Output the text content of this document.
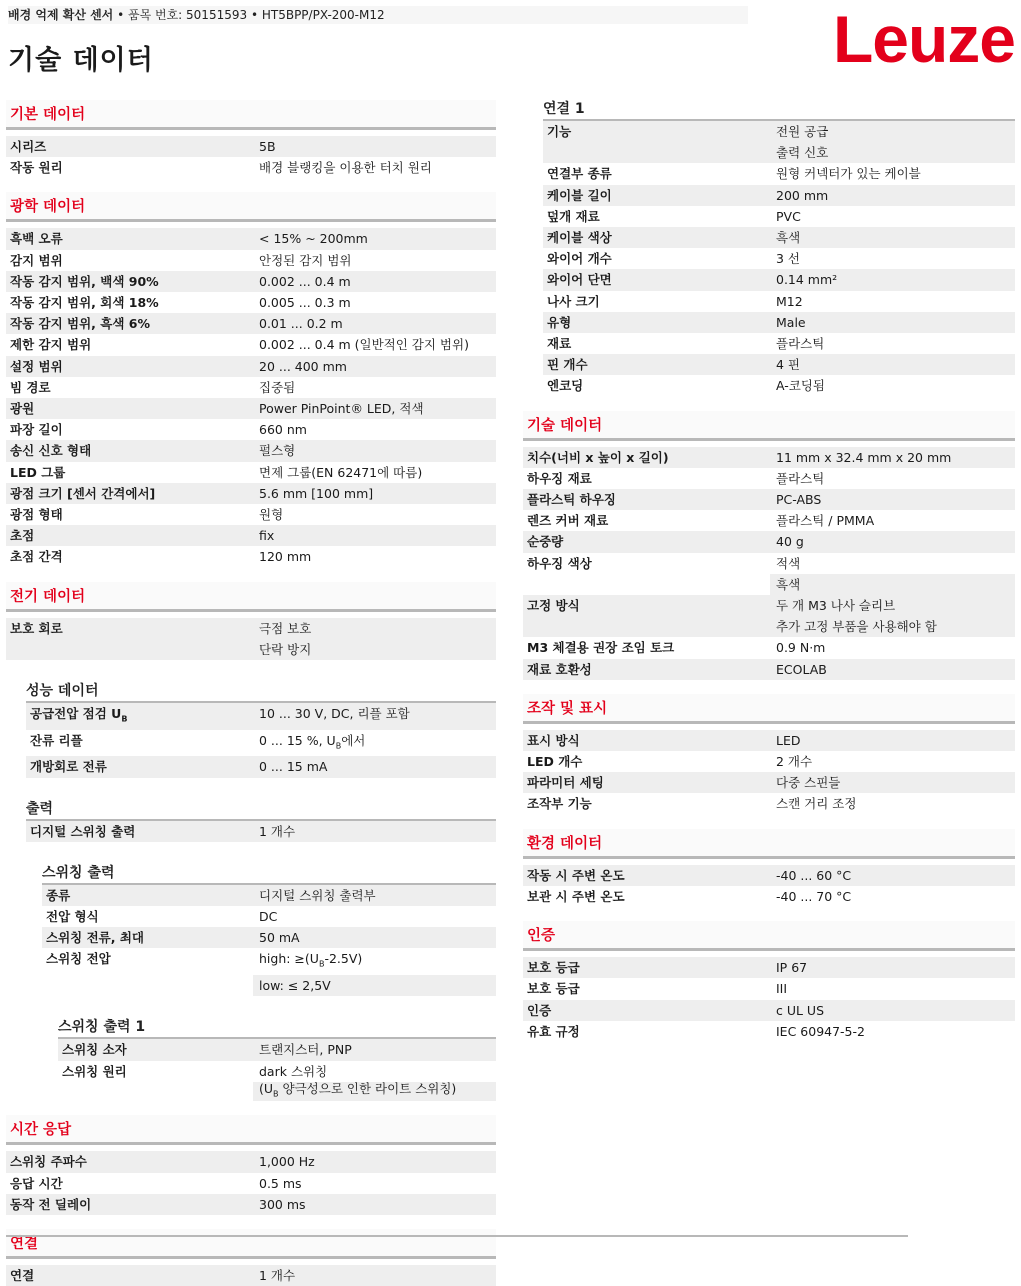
배경 억제 확산 센서 • 품목 번호: 50151593 • HT5BPP/PX-200-M12
기술 데이터	Leuze
기본 데이터
시리즈	5B
작동 원리	배경 블랭킹을 이용한 터치 원리
광학 데이터
흑백 오류	< 15% ~ 200mm
감지 범위	안정된 감지 범위
작동 감지 범위, 백색 90%	0.002 ... 0.4 m
작동 감지 범위, 회색 18%	0.005 ... 0.3 m
작동 감지 범위, 흑색 6%	0.01 ... 0.2 m
제한 감지 범위	0.002 ... 0.4 m (일반적인 감지 범위)
설정 범위	20 ... 400 mm
빔 경로	집중됨
광원	Power PinPoint® LED, 적색
파장 길이	660 nm
송신 신호 형태	펄스형
LED 그룹	면제 그룹(EN 62471에 따름)
광점 크기 [센서 간격에서]	5.6 mm [100 mm]
광점 형태	원형
초점	fix
초점 간격	120 mm
전기 데이터
보호 회로	극점 보호
단락 방지
성능 데이터
공급전압 점검 $U_B$	10 ... 30 V, DC, 리플 포함
잔류 리플	0 ... 15 %, $U_B$에서
개방회로 전류	0 ... 15 mA
출력
디지털 스위칭 출력	1 개수
스위칭 출력
종류	디지털 스위칭 출력부
전압 형식	DC
스위칭 전류, 최대	50 mA
스위칭 전압	high: $\ge(U_B-2.5V)$
low: ≤ 2,5V
스위칭 출력 1
스위칭 소자	트랜지스터, PNP
스위칭 원리	dark 스위칭
($U_B$ 양극성으로 인한 라이트 스위칭)
시간 응답
스위칭 주파수	1,000 Hz
응답 시간	0.5 ms
동작 전 딜레이	300 ms
연결
연결	1 개수
연결 1
기능	전원 공급
출력 신호
연결부 종류	원형 커넥터가 있는 케이블
케이블 길이	200 mm
덮개 재료	PVC
케이블 색상	흑색
와이어 개수	3 선
와이어 단면	0.14 mm²
나사 크기	M12
유형	Male
재료	플라스틱
핀 개수	4 핀
엔코딩	A-코딩됨
기술 데이터
치수(너비 x 높이 x 길이)	11 mm x 32.4 mm x 20 mm
하우징 재료	플라스틱
플라스틱 하우징	PC-ABS
렌즈 커버 재료	플라스틱 / PMMA
순중량	40 g
하우징 색상	적색
흑색
고정 방식	두 개 M3 나사 슬리브
추가 고정 부품을 사용해야 함
M3 체결용 권장 조임 토크	0.9 N·m
재료 호환성	ECOLAB
조작 및 표시
표시 방식	LED
LED 개수	2 개수
파라미터 세팅	다중 스핀들
조작부 기능	스캔 거리 조정
환경 데이터
작동 시 주변 온도	-40 ... 60 °C
보관 시 주변 온도	-40 ... 70 °C
인증
보호 등급	IP 67
보호 등급	III
인증	c UL US
유효 규정	IEC 60947-5-2
